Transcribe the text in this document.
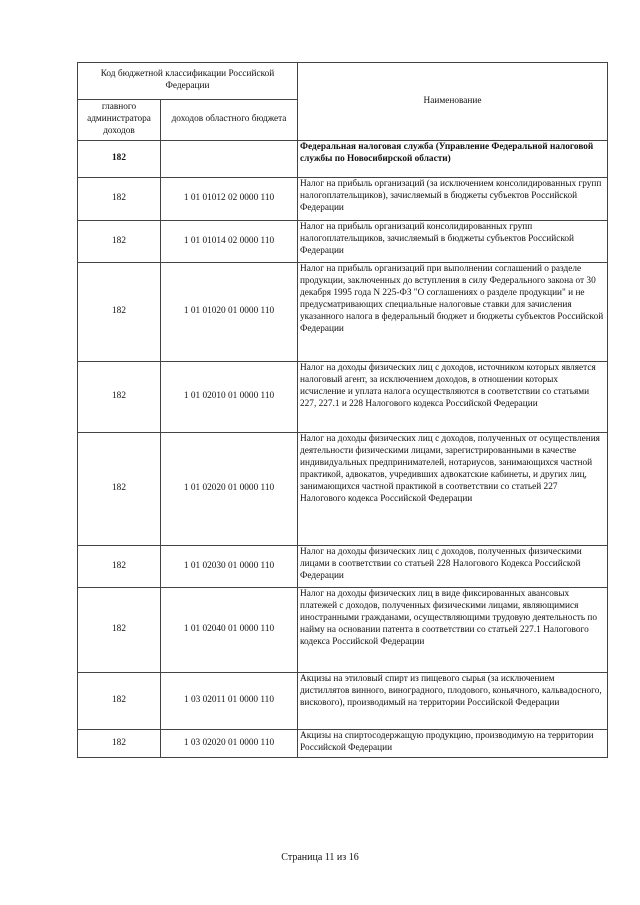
Код бюджетной классификации Российской Федерации		Наименование
главного администратора доходов	доходов областного бюджета	
182		Федеральная налоговая служба (Управление Федеральной налоговой службы по Новосибирской области)
182	1 01 01012 02 0000 110	Налог на прибыль организаций (за исключением консолидированных групп налогоплательщиков), зачисляемый в бюджеты субъектов Российской Федерации
182	1 01 01014 02 0000 110	Налог на прибыль организаций консолидированных групп налогоплательщиков, зачисляемый в бюджеты субъектов Российской Федерации
182	1 01 01020 01 0000 110	Налог на прибыль организаций при выполнении соглашений о разделе продукции, заключенных до вступления в силу Федерального закона от 30 декабря 1995 года N 225-ФЗ "О соглашениях о разделе продукции" и не предусматривающих специальные налоговые ставки для зачисления указанного налога в федеральный бюджет и бюджеты субъектов Российской Федерации
182	1 01 02010 01 0000 110	Налог на доходы физических лиц с доходов, источником которых является налоговый агент, за исключением доходов, в отношении которых исчисление и уплата налога осуществляются в соответствии со статьями 227, 227.1 и 228 Налогового кодекса Российской Федерации
182	1 01 02020 01 0000 110	Налог на доходы физических лиц с доходов, полученных от осуществления деятельности физическими лицами, зарегистрированными в качестве индивидуальных предпринимателей, нотариусов, занимающихся частной практикой, адвокатов, учредивших адвокатские кабинеты, и других лиц, занимающихся частной практикой в соответствии со статьей 227 Налогового кодекса Российской Федерации
182	1 01 02030 01 0000 110	Налог на доходы физических лиц с доходов, полученных физическими лицами в соответствии со статьей 228 Налогового Кодекса Российской Федерации
182	1 01 02040 01 0000 110	Налог на доходы физических лиц в виде фиксированных авансовых платежей с доходов, полученных физическими лицами, являющимися иностранными гражданами, осуществляющими трудовую деятельность по найму на основании патента в соответствии со статьей 227.1 Налогового кодекса Российской Федерации
182	1 03 02011 01 0000 110	Акцизы на этиловый спирт из пищевого сырья (за исключением дистиллятов винного, виноградного, плодового, коньячного, кальвадосного, вискового), производимый на территории Российской Федерации
182	1 03 02020 01 0000 110	Акцизы на спиртосодержащую продукцию, производимую на территории Российской Федерации
Страница 11 из 16
